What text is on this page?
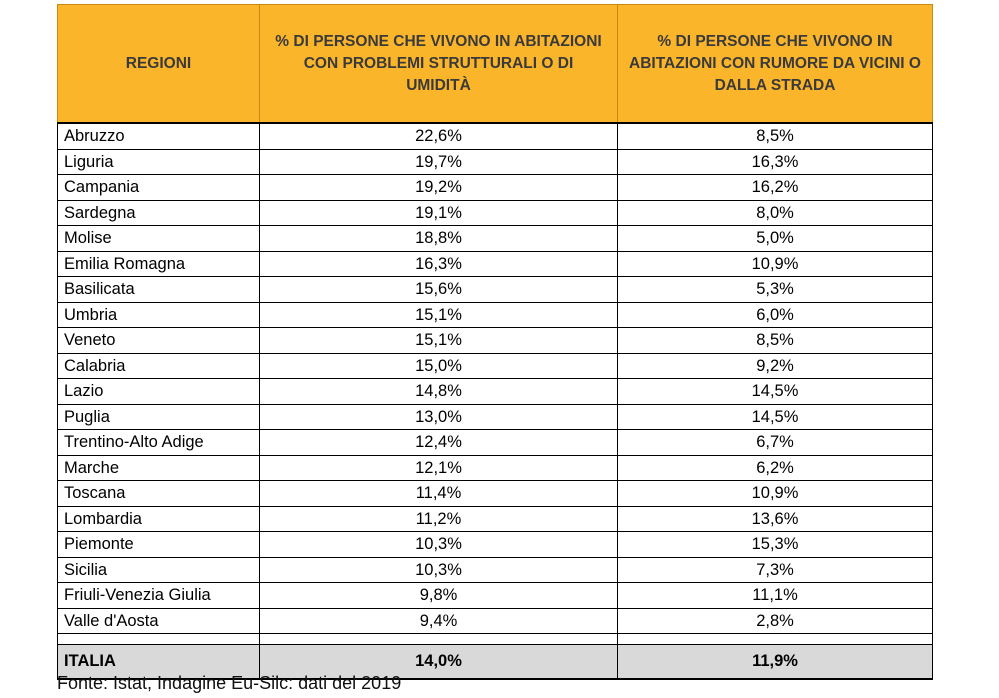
REGIONI	% DI PERSONE CHE VIVONO IN ABITAZIONI CON PROBLEMI STRUTTURALI O DI UMIDITÀ	% DI PERSONE CHE VIVONO IN ABITAZIONI CON RUMORE DA VICINI O DALLA STRADA
Abruzzo	22,6%	8,5%
Liguria	19,7%	16,3%
Campania	19,2%	16,2%
Sardegna	19,1%	8,0%
Molise	18,8%	5,0%
Emilia Romagna	16,3%	10,9%
Basilicata	15,6%	5,3%
Umbria	15,1%	6,0%
Veneto	15,1%	8,5%
Calabria	15,0%	9,2%
Lazio	14,8%	14,5%
Puglia	13,0%	14,5%
Trentino-Alto Adige	12,4%	6,7%
Marche	12,1%	6,2%
Toscana	11,4%	10,9%
Lombardia	11,2%	13,6%
Piemonte	10,3%	15,3%
Sicilia	10,3%	7,3%
Friuli-Venezia Giulia	9,8%	11,1%
Valle d'Aosta	9,4%	2,8%

ITALIA	14,0%	11,9%
Fonte: Istat, Indagine Eu-Silc: dati del 2019
